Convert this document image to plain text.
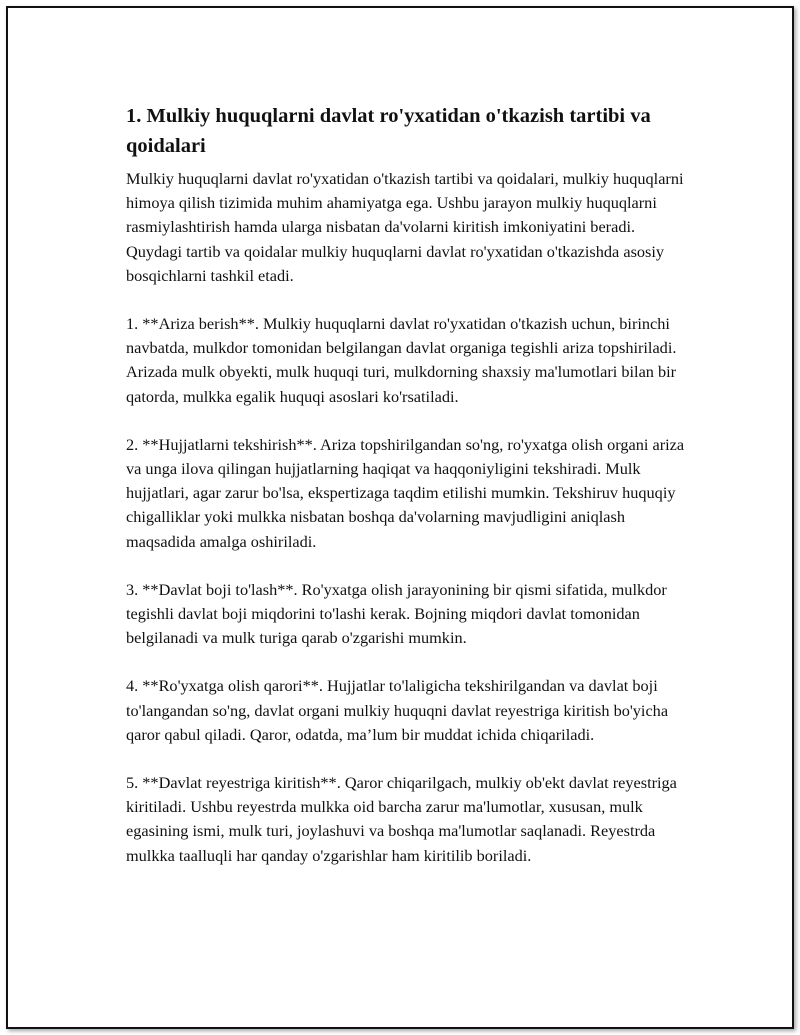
1. Mulkiy huquqlarni davlat ro'yxatidan o'tkazish tartibi va qoidalari

Mulkiy huquqlarni davlat ro'yxatidan o'tkazish tartibi va qoidalari, mulkiy huquqlarni himoya qilish tizimida muhim ahamiyatga ega. Ushbu jarayon mulkiy huquqlarni rasmiylashtirish hamda ularga nisbatan da'volarni kiritish imkoniyatini beradi. Quydagi tartib va qoidalar mulkiy huquqlarni davlat ro'yxatidan o'tkazishda asosiy bosqichlarni tashkil etadi.

1. **Ariza berish**. Mulkiy huquqlarni davlat ro'yxatidan o'tkazish uchun, birinchi navbatda, mulkdor tomonidan belgilangan davlat organiga tegishli ariza topshiriladi. Arizada mulk obyekti, mulk huquqi turi, mulkdorning shaxsiy ma'lumotlari bilan bir qatorda, mulkka egalik huquqi asoslari ko'rsatiladi.

2. **Hujjatlarni tekshirish**. Ariza topshirilgandan so'ng, ro'yxatga olish organi ariza va unga ilova qilingan hujjatlarning haqiqat va haqqoniyligini tekshiradi. Mulk hujjatlari, agar zarur bo'lsa, ekspertizaga taqdim etilishi mumkin. Tekshiruv huquqiy chigalliklar yoki mulkka nisbatan boshqa da'volarning mavjudligini aniqlash maqsadida amalga oshiriladi.

3. **Davlat boji to'lash**. Ro'yxatga olish jarayonining bir qismi sifatida, mulkdor tegishli davlat boji miqdorini to'lashi kerak. Bojning miqdori davlat tomonidan belgilanadi va mulk turiga qarab o'zgarishi mumkin.

4. **Ro'yxatga olish qarori**. Hujjatlar to'laligicha tekshirilgandan va davlat boji to'langandan so'ng, davlat organi mulkiy huquqni davlat reyestriga kiritish bo'yicha qaror qabul qiladi. Qaror, odatda, ma’lum bir muddat ichida chiqariladi.

5. **Davlat reyestriga kiritish**. Qaror chiqarilgach, mulkiy ob'ekt davlat reyestriga kiritiladi. Ushbu reyestrda mulkka oid barcha zarur ma'lumotlar, xususan, mulk egasining ismi, mulk turi, joylashuvi va boshqa ma'lumotlar saqlanadi. Reyestrda mulkka taalluqli har qanday o'zgarishlar ham kiritilib boriladi.
